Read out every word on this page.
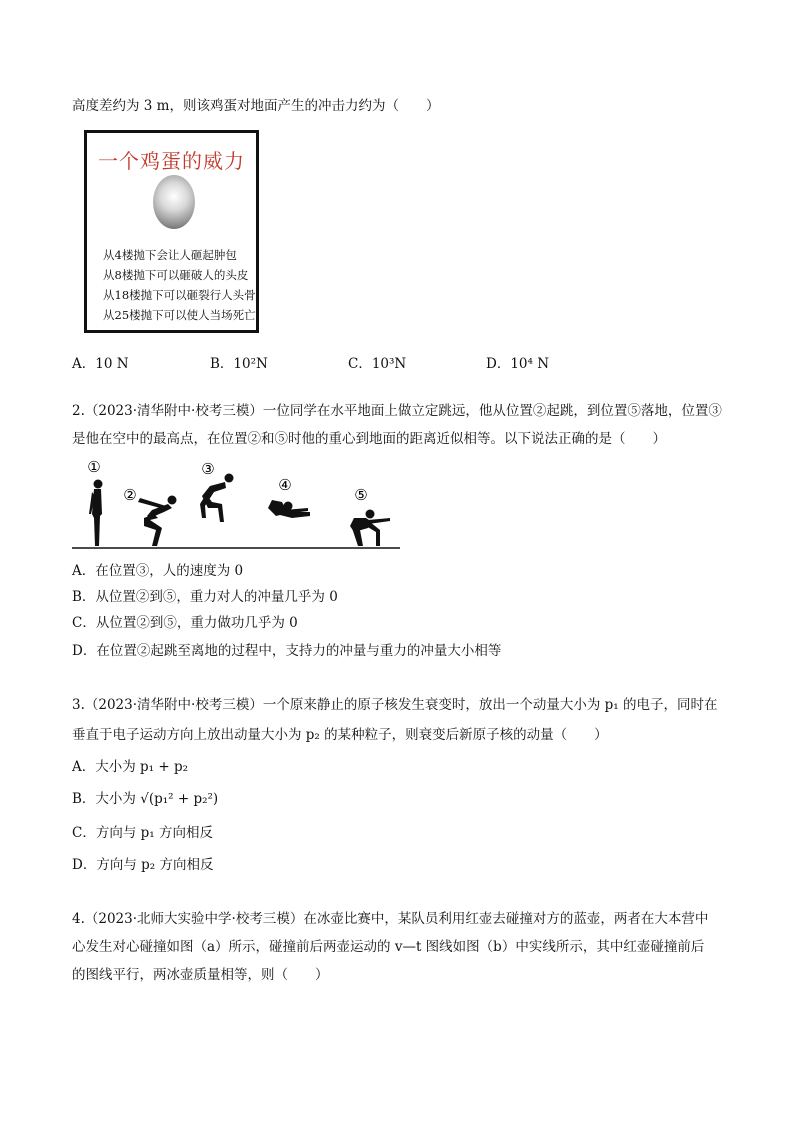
高度差约为 3 m，则该鸡蛋对地面产生的冲击力约为（　　）
一个鸡蛋的威力
从4楼抛下会让人砸起肿包
从8楼抛下可以砸破人的头皮
从18楼抛下可以砸裂行人头骨
从25楼抛下可以使人当场死亡
A．10 N	B．10²N	C．10³N	D．10⁴ N
2.（2023·清华附中·校考三模）一位同学在水平地面上做立定跳远，他从位置②起跳，到位置⑤落地，位置③
是他在空中的最高点，在位置②和⑤时他的重心到地面的距离近似相等。以下说法正确的是（　　）
①
②
③
④
⑤
A．在位置③，人的速度为 0
B．从位置②到⑤，重力对人的冲量几乎为 0
C．从位置②到⑤，重力做功几乎为 0
D．在位置②起跳至离地的过程中，支持力的冲量与重力的冲量大小相等
3.（2023·清华附中·校考三模）一个原来静止的原子核发生衰变时，放出一个动量大小为 p₁ 的电子，同时在
垂直于电子运动方向上放出动量大小为 p₂ 的某种粒子，则衰变后新原子核的动量（　　）
A．大小为 p₁ + p₂
B．大小为 √(p₁² + p₂²)
C．方向与 p₁ 方向相反
D．方向与 p₂ 方向相反
4.（2023·北师大实验中学·校考三模）在冰壶比赛中，某队员利用红壶去碰撞对方的蓝壶，两者在大本营中
心发生对心碰撞如图（a）所示，碰撞前后两壶运动的 v—t 图线如图（b）中实线所示，其中红壶碰撞前后
的图线平行，两冰壶质量相等，则（　　）
